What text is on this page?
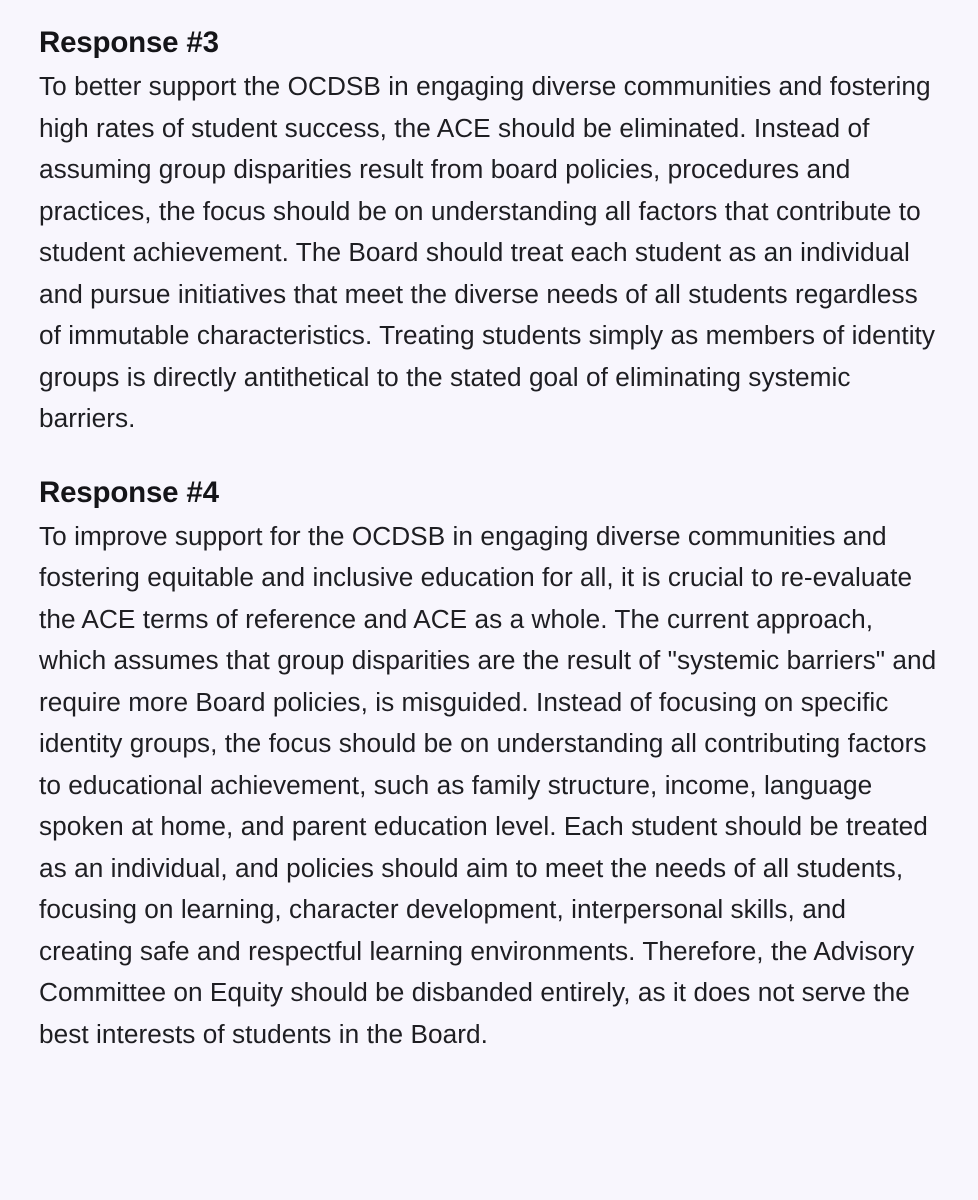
Response #3

To better support the OCDSB in engaging diverse communities and fostering high rates of student success, the ACE should be eliminated. Instead of assuming group disparities result from board policies, procedures and practices, the focus should be on understanding all factors that contribute to student achievement. The Board should treat each student as an individual and pursue initiatives that meet the diverse needs of all students regardless of immutable characteristics. Treating students simply as members of identity groups is directly antithetical to the stated goal of eliminating systemic barriers.

Response #4

To improve support for the OCDSB in engaging diverse communities and fostering equitable and inclusive education for all, it is crucial to re-evaluate the ACE terms of reference and ACE as a whole. The current approach, which assumes that group disparities are the result of "systemic barriers" and require more Board policies, is misguided. Instead of focusing on specific identity groups, the focus should be on understanding all contributing factors to educational achievement, such as family structure, income, language spoken at home, and parent education level. Each student should be treated as an individual, and policies should aim to meet the needs of all students, focusing on learning, character development, interpersonal skills, and creating safe and respectful learning environments. Therefore, the Advisory Committee on Equity should be disbanded entirely, as it does not serve the best interests of students in the Board.
